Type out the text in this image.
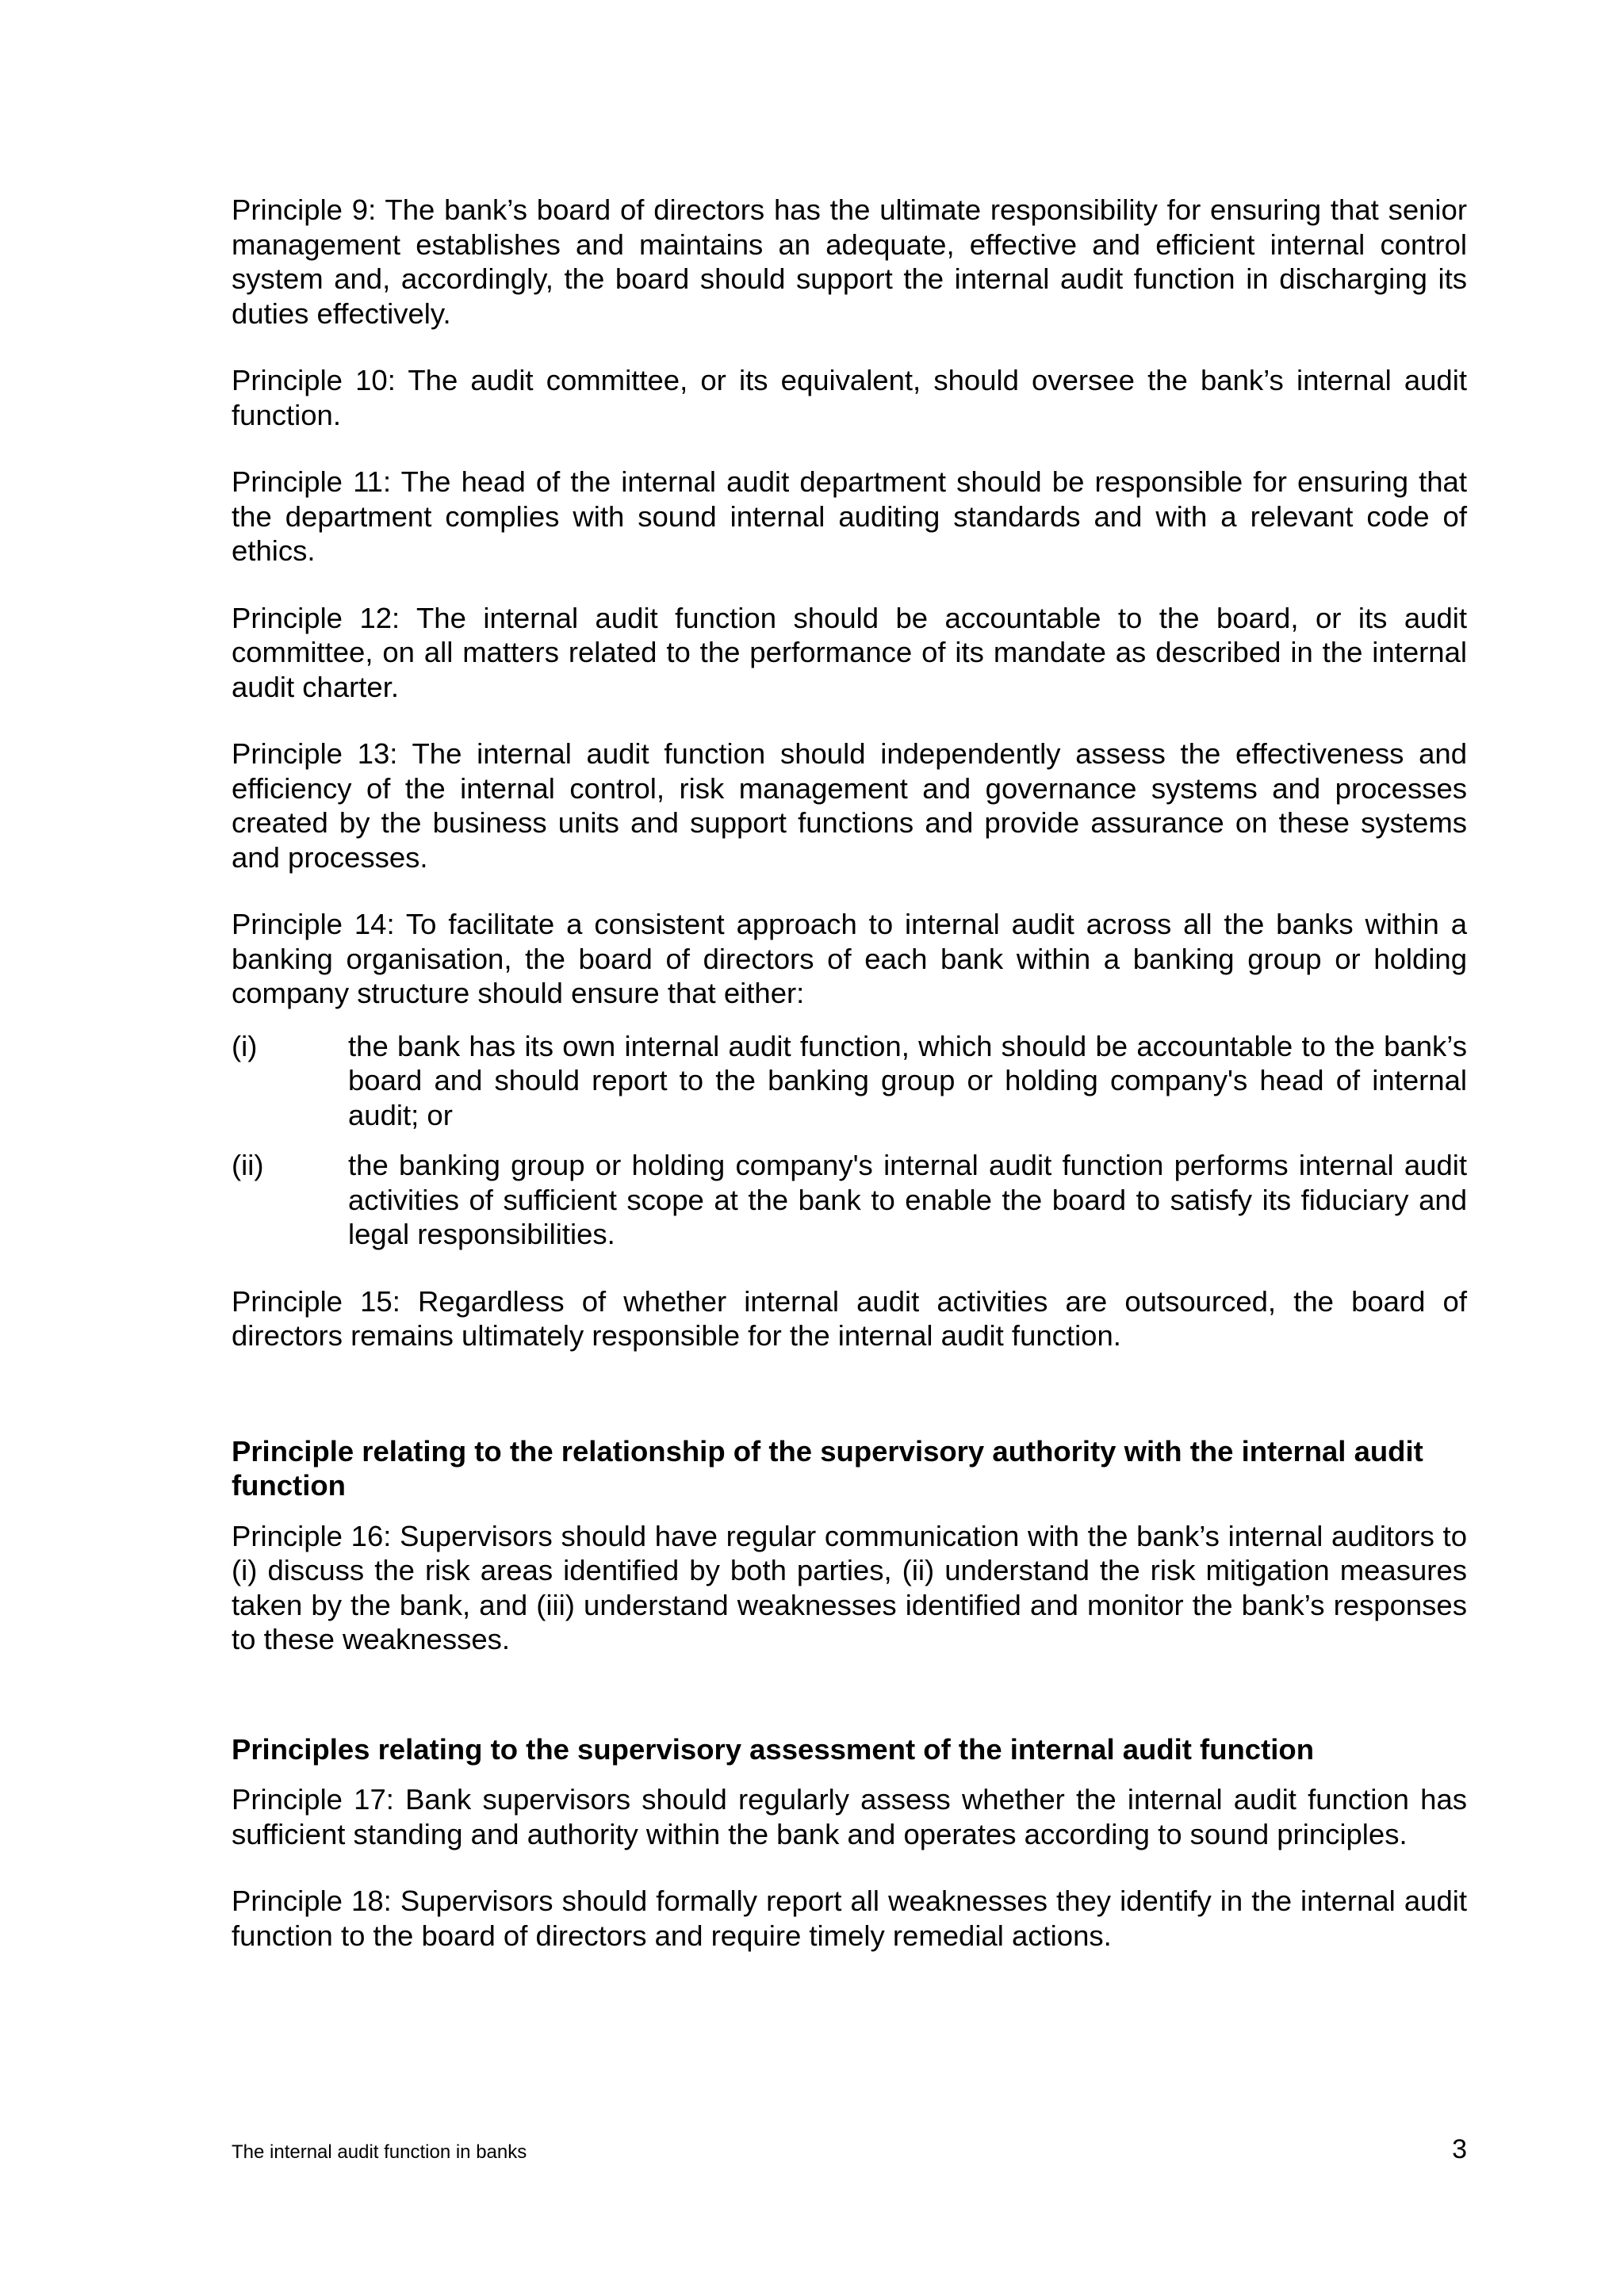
Principle 9: The bank’s board of directors has the ultimate responsibility for ensuring that senior management establishes and maintains an adequate, effective and efficient internal control system and, accordingly, the board should support the internal audit function in discharging its duties effectively.

Principle 10: The audit committee, or its equivalent, should oversee the bank’s internal audit function.

Principle 11: The head of the internal audit department should be responsible for ensuring that the department complies with sound internal auditing standards and with a relevant code of ethics.

Principle 12: The internal audit function should be accountable to the board, or its audit committee, on all matters related to the performance of its mandate as described in the internal audit charter.

Principle 13: The internal audit function should independently assess the effectiveness and efficiency of the internal control, risk management and governance systems and processes created by the business units and support functions and provide assurance on these systems and processes.

Principle 14: To facilitate a consistent approach to internal audit across all the banks within a banking organisation, the board of directors of each bank within a banking group or holding company structure should ensure that either:

(i)	the bank has its own internal audit function, which should be accountable to the bank’s board and should report to the banking group or holding company's head of internal audit; or
(ii)	the banking group or holding company's internal audit function performs internal audit activities of sufficient scope at the bank to enable the board to satisfy its fiduciary and legal responsibilities.

Principle 15: Regardless of whether internal audit activities are outsourced, the board of directors remains ultimately responsible for the internal audit function.

Principle relating to the relationship of the supervisory authority with the internal audit function

Principle 16: Supervisors should have regular communication with the bank’s internal auditors to (i) discuss the risk areas identified by both parties, (ii) understand the risk mitigation measures taken by the bank, and (iii) understand weaknesses identified and monitor the bank’s responses to these weaknesses.

Principles relating to the supervisory assessment of the internal audit function

Principle 17: Bank supervisors should regularly assess whether the internal audit function has sufficient standing and authority within the bank and operates according to sound principles.

Principle 18: Supervisors should formally report all weaknesses they identify in the internal audit function to the board of directors and require timely remedial actions.

The internal audit function in banks	3
